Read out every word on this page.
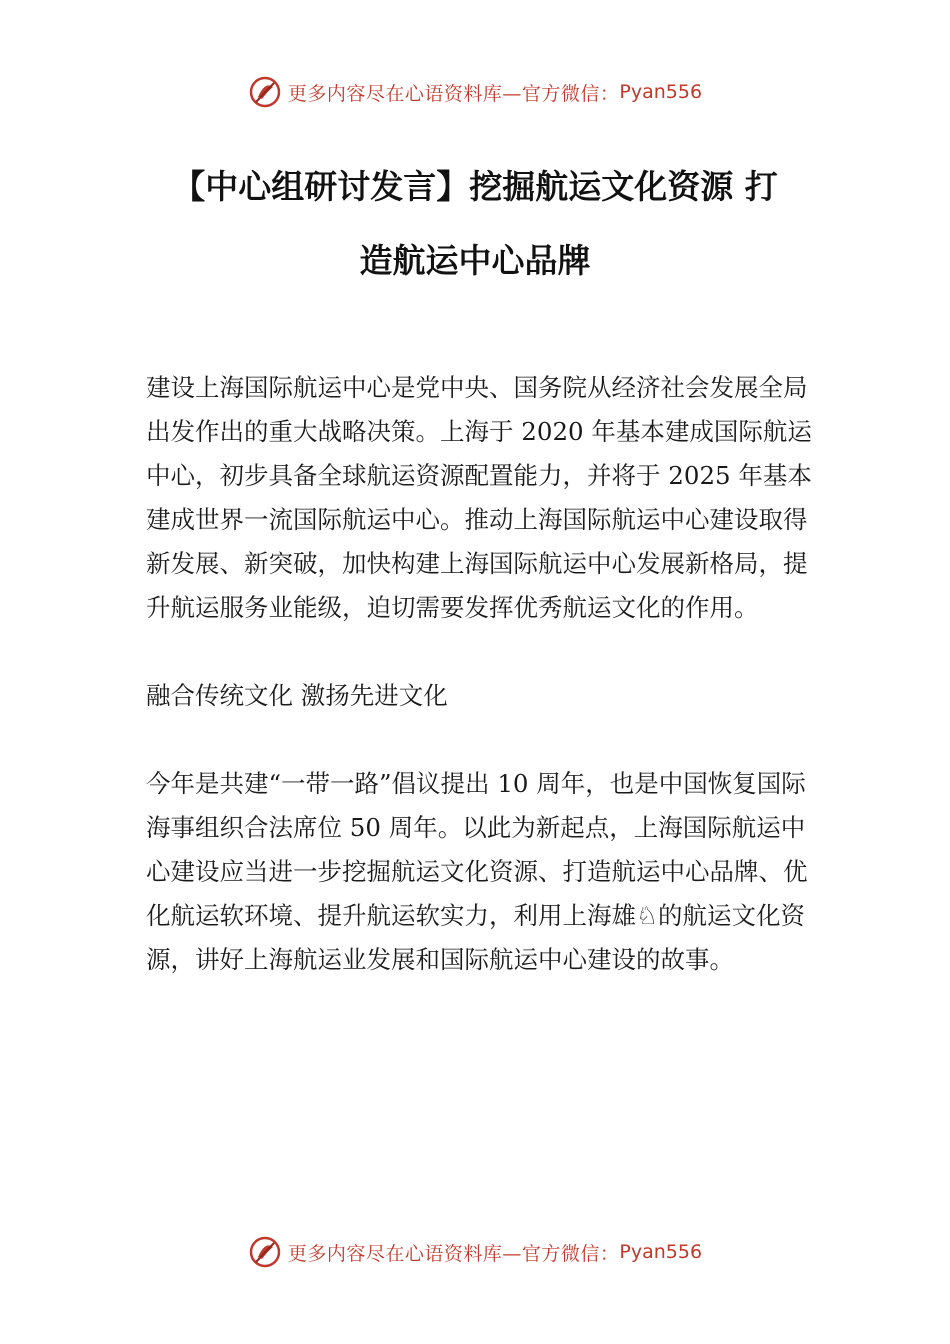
更多内容尽在心语资料库—官方微信： Pyan556
【中心组研讨发言】挖掘航运文化资源 打
造航运中心品牌

建设上海国际航运中心是党中央、国务院从经济社会发展全局出发作出的重大战略决策。上海于 2020 年基本建成国际航运中心，初步具备全球航运资源配置能力，并将于 2025 年基本建成世界一流国际航运中心。推动上海国际航运中心建设取得新发展、新突破，加快构建上海国际航运中心发展新格局，提升航运服务业能级，迫切需要发挥优秀航运文化的作用。

融合传统文化 激扬先进文化

今年是共建“一带一路”倡议提出 10 周年，也是中国恢复国际海事组织合法席位 50 周年。以此为新起点，上海国际航运中心建设应当进一步挖掘航运文化资源、打造航运中心品牌、优化航运软环境、提升航运软实力，利用上海雄♘的航运文化资源，讲好上海航运业发展和国际航运中心建设的故事。

更多内容尽在心语资料库—官方微信： Pyan556
